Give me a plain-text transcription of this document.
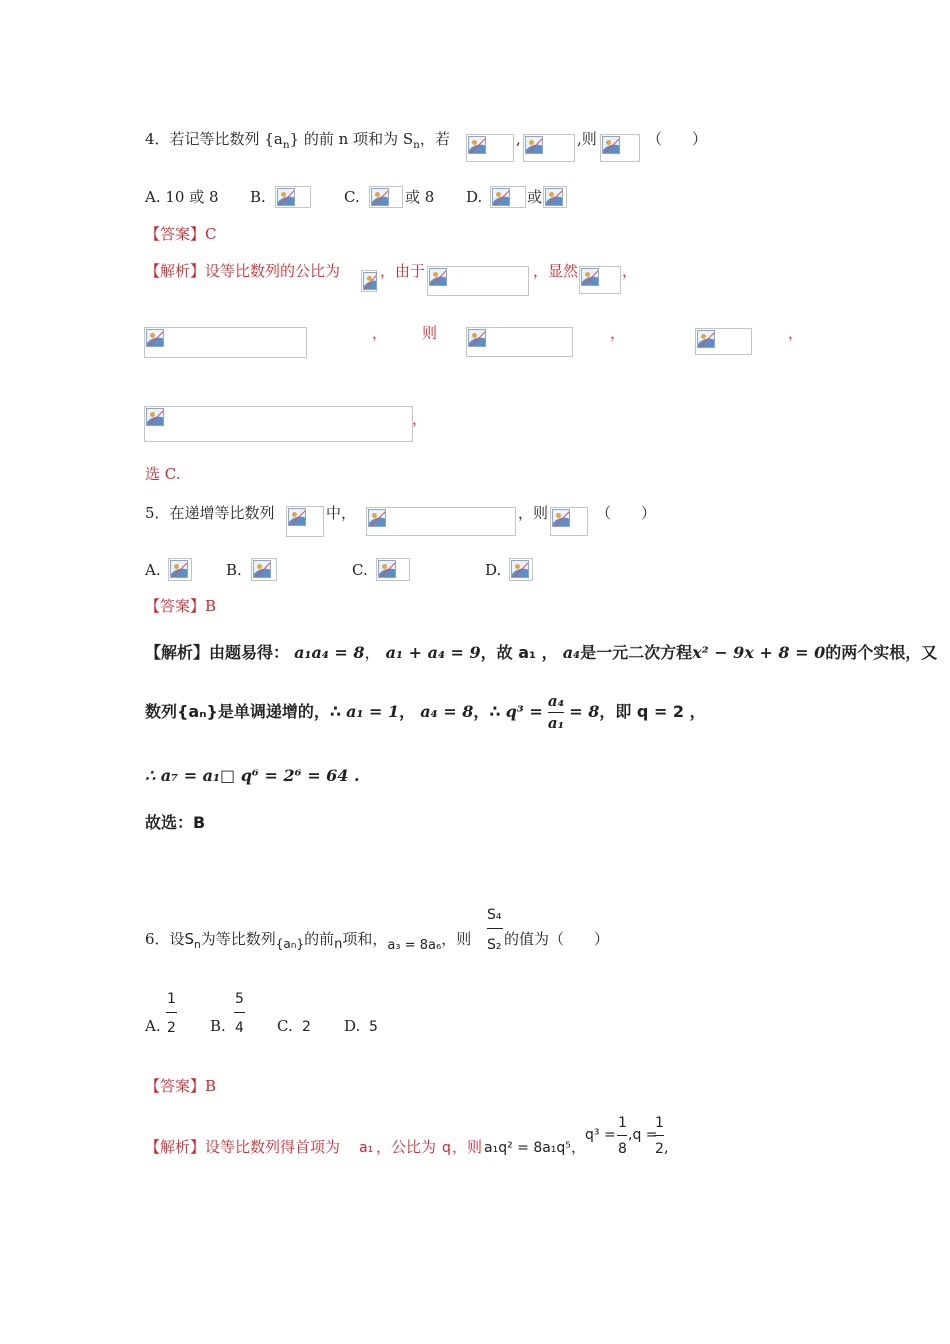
4．若记等比数列 $\{a_n\}$ 的前 n 项和为 $S_n$，若	,	,则	（　　）
A. 10 或 8 B.	C.	或 8 D.	或
【答案】C
【解析】设等比数列的公比为	，由于	，显然	，
， 则	，	，
，
选 C.
5．在递增等比数列	中，	，则	（　　）
A.	B.	C.	D.
【答案】B
【解析】由题易得： a₁a₄ = 8， a₁ + a₄ = 9，故 a₁ ， a₄是一元二次方程x² − 9x + 8 = 0的两个实根，又
数列{aₙ}是单调递增的，∴ a₁ = 1， a₄ = 8，∴ $q^3 = \frac{\text{a₄}}{\text{a₁}} = 8$，即 q = 2 ，
∴ a₇ = a₁□ q⁶ = 2⁶ = 64 .
故选：B
6．设$S_n$为等比数列$_{\{an\}}$的前$_n$项和，a₃ = 8a₆，则
S₄
S₂ 的值为（　　）
A.
1
2 B.
5
4 C. 2 D. 5
【答案】B
【解析】设等比数列得首项为 a₁ ，公比为 q ，则 a₁q² = 8a₁q⁵ ，
q³ =
1
8
,q =
1
2 ,
